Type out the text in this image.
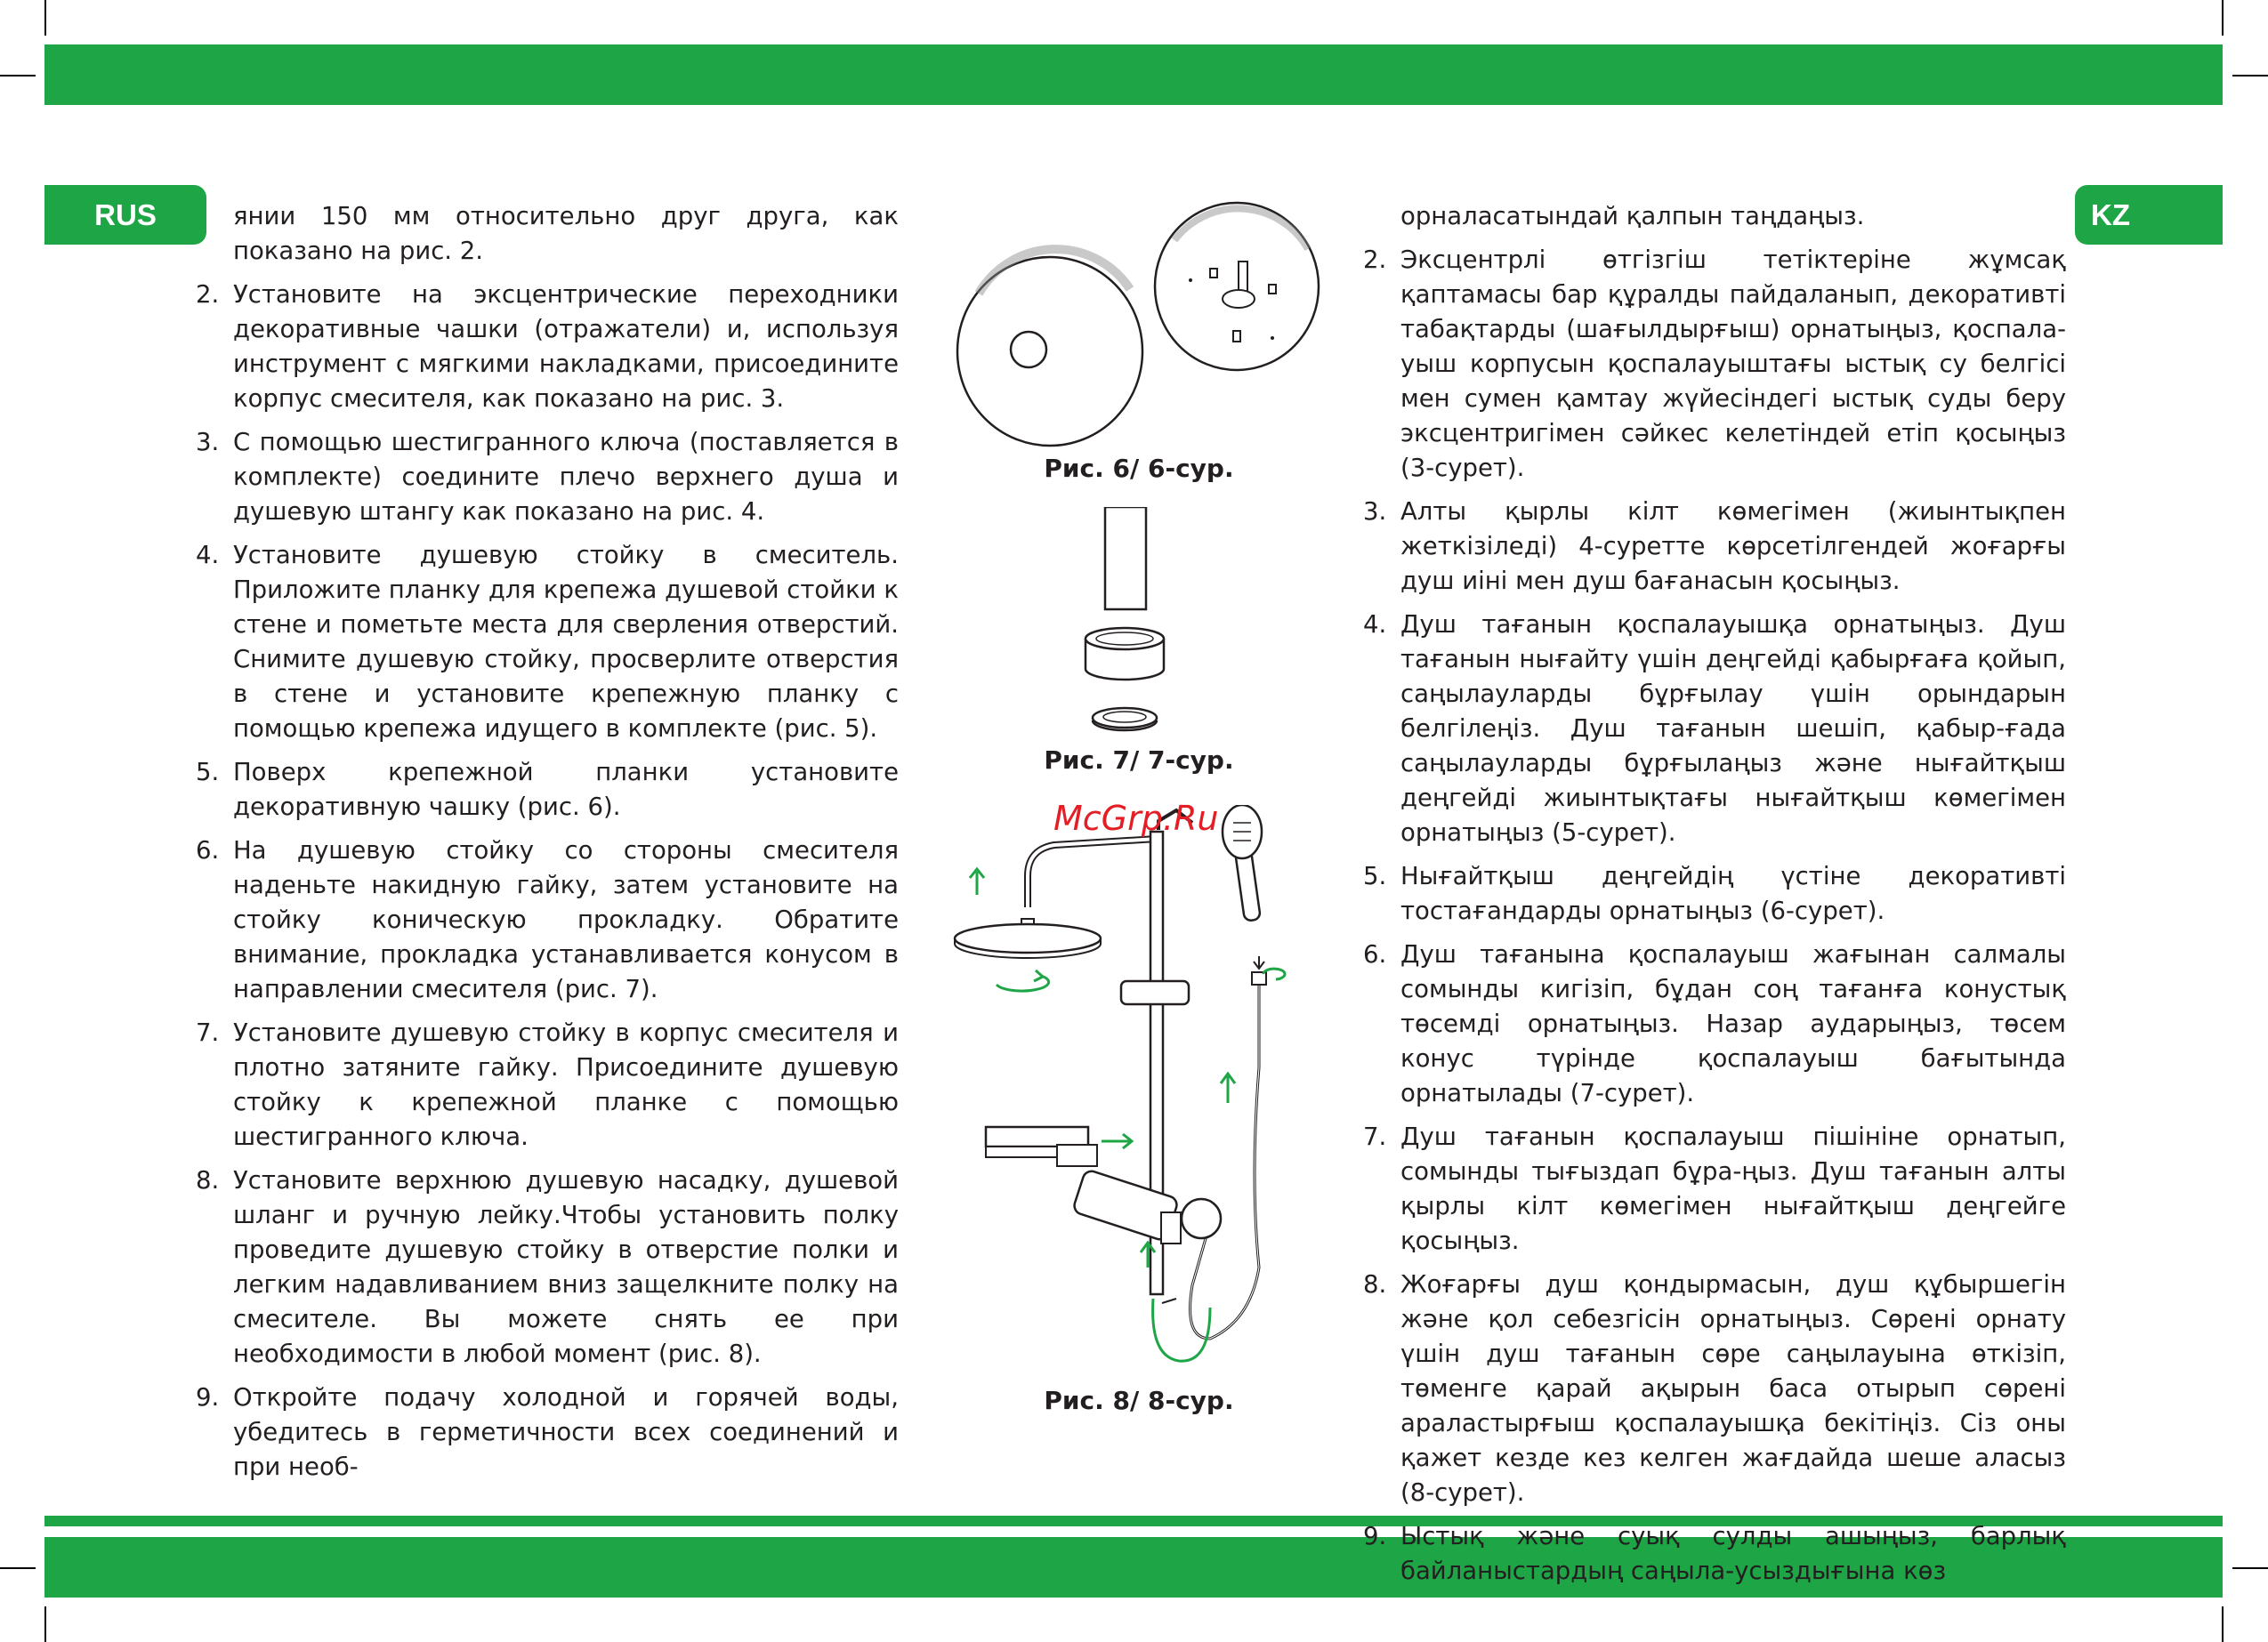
RUS	KZ

янии 150 мм относительно друг друга, как показано на рис. 2.

2. Установите на эксцентрические переходники декоративные чашки (отражатели) и, используя инструмент с мягкими накладками, присоедините корпус смесителя, как показано на рис. 3.
3. С помощью шестигранного ключа (поставляется в комплекте) соедините плечо верхнего душа и душевую штангу как показано на рис. 4.
4. Установите душевую стойку в смеситель. Приложите планку для крепежа душевой стойки к стене и пометьте места для сверления отверстий. Снимите душевую стойку, просверлите отверстия в стене и установите крепежную планку с помощью крепежа идущего в комплекте (рис. 5).
5. Поверх крепежной планки установите декоративную чашку (рис. 6).
6. На душевую стойку со стороны смесителя наденьте накидную гайку, затем установите на стойку коническую прокладку. Обратите внимание, прокладка устанавливается конусом в направлении смесителя (рис. 7).
7. Установите душевую стойку в корпус смесителя и плотно затяните гайку. Присоедините душевую стойку к крепежной планке с помощью шестигранного ключа.
8. Установите верхнюю душевую насадку, душевой шланг и ручную лейку.Чтобы установить полку проведите душевую стойку в отверстие полки и легким надавливанием вниз защелкните полку на смесителе. Вы можете снять ее при необходимости в любой момент (рис. 8).
9. Откройте подачу холодной и горячей воды, убедитесь в герметичности всех соединений и при необ-

орналасатындай қалпын таңдаңыз.

2. Эксцентрлі өтгізгіш тетіктеріне жұмсақ қаптамасы бар құралды пайдаланып, декоративті табақтарды (шағылдырғыш) орнатыңыз, қоспала-уыш корпусын қоспалауыштағы ыстық су белгісі мен сумен қамтау жүйесіндегі ыстық суды беру эксцентригімен сәйкес келетіндей етіп қосыңыз (3-сурет).
3. Алты қырлы кілт көмегімен (жиынтықпен жеткізіледі) 4-суретте көрсетілгендей жоғарғы душ иіні мен душ бағанасын қосыңыз.
4. Душ тағанын қоспалауышқа орнатыңыз. Душ тағанын нығайту үшін деңгейді қабырғаға қойып, саңылауларды бұрғылау үшін орындарын белгілеңіз. Душ тағанын шешіп, қабыр-ғада саңылауларды бұрғылаңыз және нығайтқыш деңгейді жиынтықтағы нығайтқыш көмегімен орнатыңыз (5-сурет).
5. Нығайтқыш деңгейдің үстіне декоративті тостағандарды орнатыңыз (6-сурет).
6. Душ тағанына қоспалауыш жағынан салмалы сомынды кигізіп, бұдан соң тағанға конустық төсемді орнатыңыз. Назар аударыңыз, төсем конус түрінде қоспалауыш бағытында орнатылады (7-сурет).
7. Душ тағанын қоспалауыш пішініне орнатып, сомынды тығыздап бұра-ңыз. Душ тағанын алты қырлы кілт көмегімен нығайтқыш деңгейге қосыңыз.
8. Жоғарғы душ қондырмасын, душ құбыршегін және қол себезгісін орнатыңыз. Сөрені орнату үшін душ тағанын сөре саңылауына өткізіп, төменге қарай ақырын баса отырып сөрені араластырғыш қоспалауышқа бекітіңіз. Сіз оны қажет кезде кез келген жағдайда шеше аласыз (8-сурет).
9. Ыстық және суық сулды ашыңыз, барлық байланыстардың саңыла-усыздығына көз
Рис. 6/ 6-сур.
Рис. 7/ 7-сур.
McGrp.Ru
Рис. 8/ 8-сур.
